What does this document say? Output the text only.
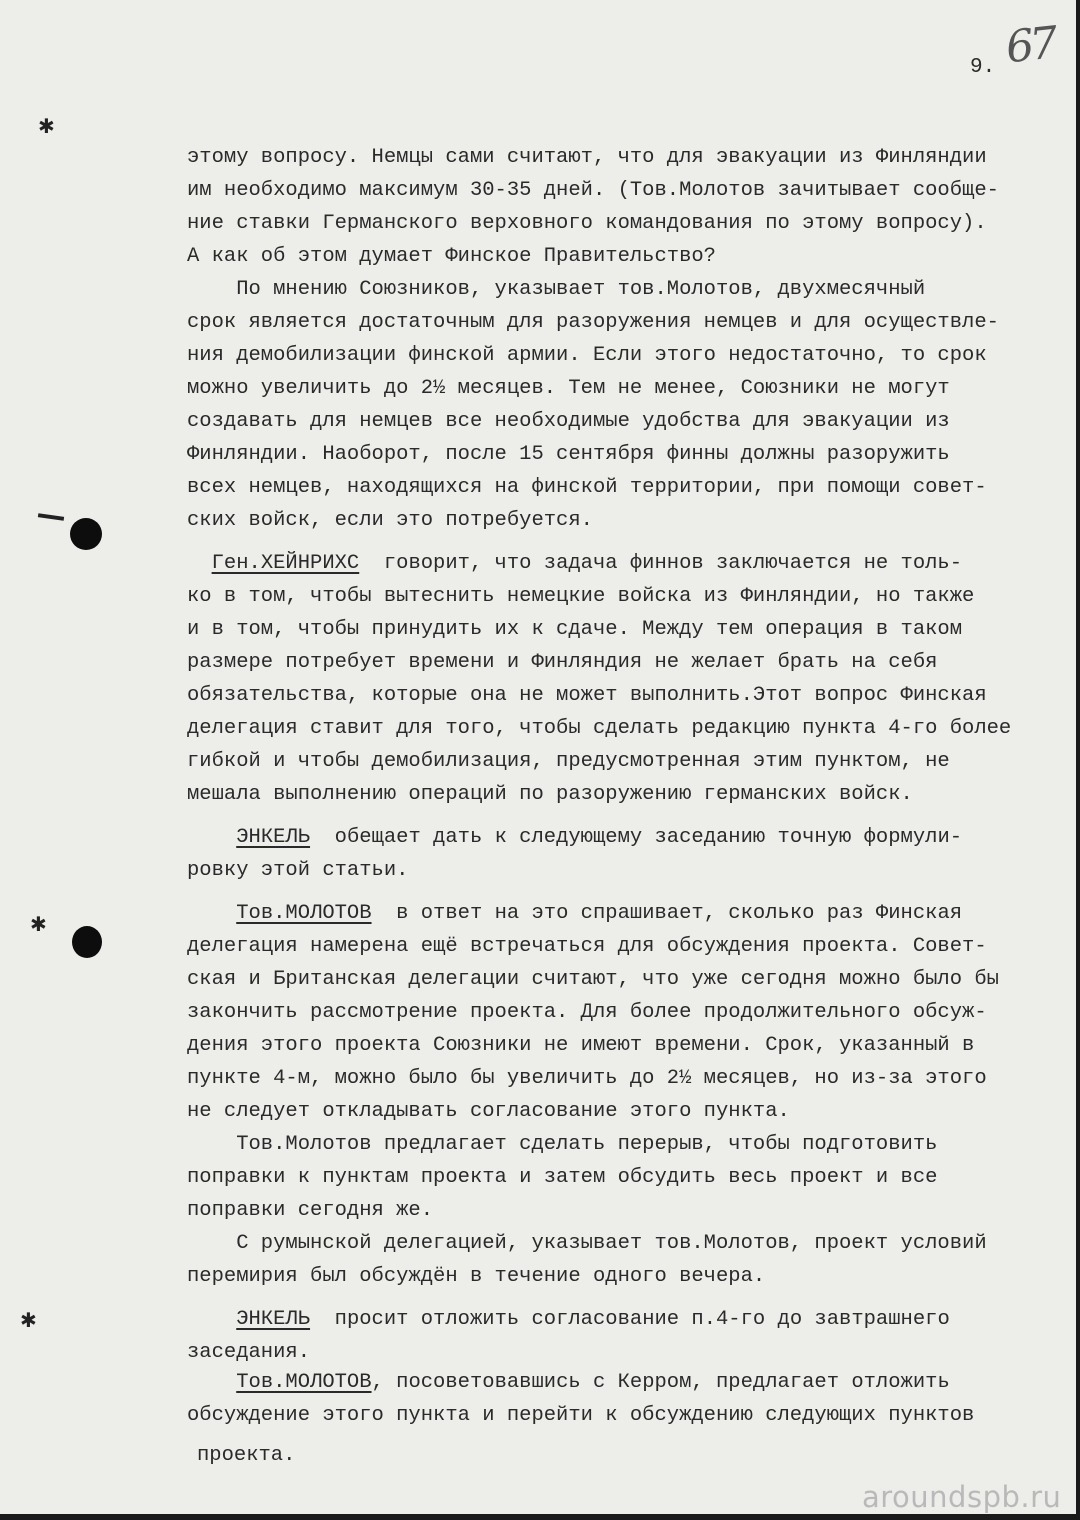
67
9.
✱
✱
✱
этому вопросу. Немцы сами считают, что для эвакуации из Финляндии
им необходимо максимум 30-35 дней. (Тов.Молотов зачитывает сообще-
ние ставки Германского верховного командования по этому вопросу).
А как об этом думает Финское Правительство?
По мнению Союзников, указывает тов.Молотов, двухмесячный
срок является достаточным для разоружения немцев и для осуществле-
ния демобилизации финской армии. Если этого недостаточно, то срок
можно увеличить до 2½ месяцев. Тем не менее, Союзники не могут
создавать для немцев все необходимые удобства для эвакуации из
Финляндии. Наоборот, после 15 сентября финны должны разоружить
всех немцев, находящихся на финской территории, при помощи совет-
ских войск, если это потребуется.
Ген.ХЕЙНРИХС говорит, что задача финнов заключается не толь-
ко в том, чтобы вытеснить немецкие войска из Финляндии, но также
и в том, чтобы принудить их к сдаче. Между тем операция в таком
размере потребует времени и Финляндия не желает брать на себя
обязательства, которые она не может выполнить.Этот вопрос Финская
делегация ставит для того, чтобы сделать редакцию пункта 4-го более
гибкой и чтобы демобилизация, предусмотренная этим пунктом, не
мешала выполнению операций по разоружению германских войск.
ЭНКЕЛЬ обещает дать к следующему заседанию точную формули-
ровку этой статьи.
Тов.МОЛОТОВ в ответ на это спрашивает, сколько раз Финская
делегация намерена ещё встречаться для обсуждения проекта. Совет-
ская и Британская делегации считают, что уже сегодня можно было бы
закончить рассмотрение проекта. Для более продолжительного обсуж-
дения этого проекта Союзники не имеют времени. Срок, указанный в
пункте 4-м, можно было бы увеличить до 2½ месяцев, но из-за этого
не следует откладывать согласование этого пункта.
Тов.Молотов предлагает сделать перерыв, чтобы подготовить
поправки к пунктам проекта и затем обсудить весь проект и все
поправки сегодня же.
С румынской делегацией, указывает тов.Молотов, проект условий
перемирия был обсуждён в течение одного вечера.
ЭНКЕЛЬ просит отложить согласование п.4-го до завтрашнего
заседания.
Тов.МОЛОТОВ, посоветовавшись с Керром, предлагает отложить
обсуждение этого пункта и перейти к обсуждению следующих пунктов
проекта.
aroundspb.ru
